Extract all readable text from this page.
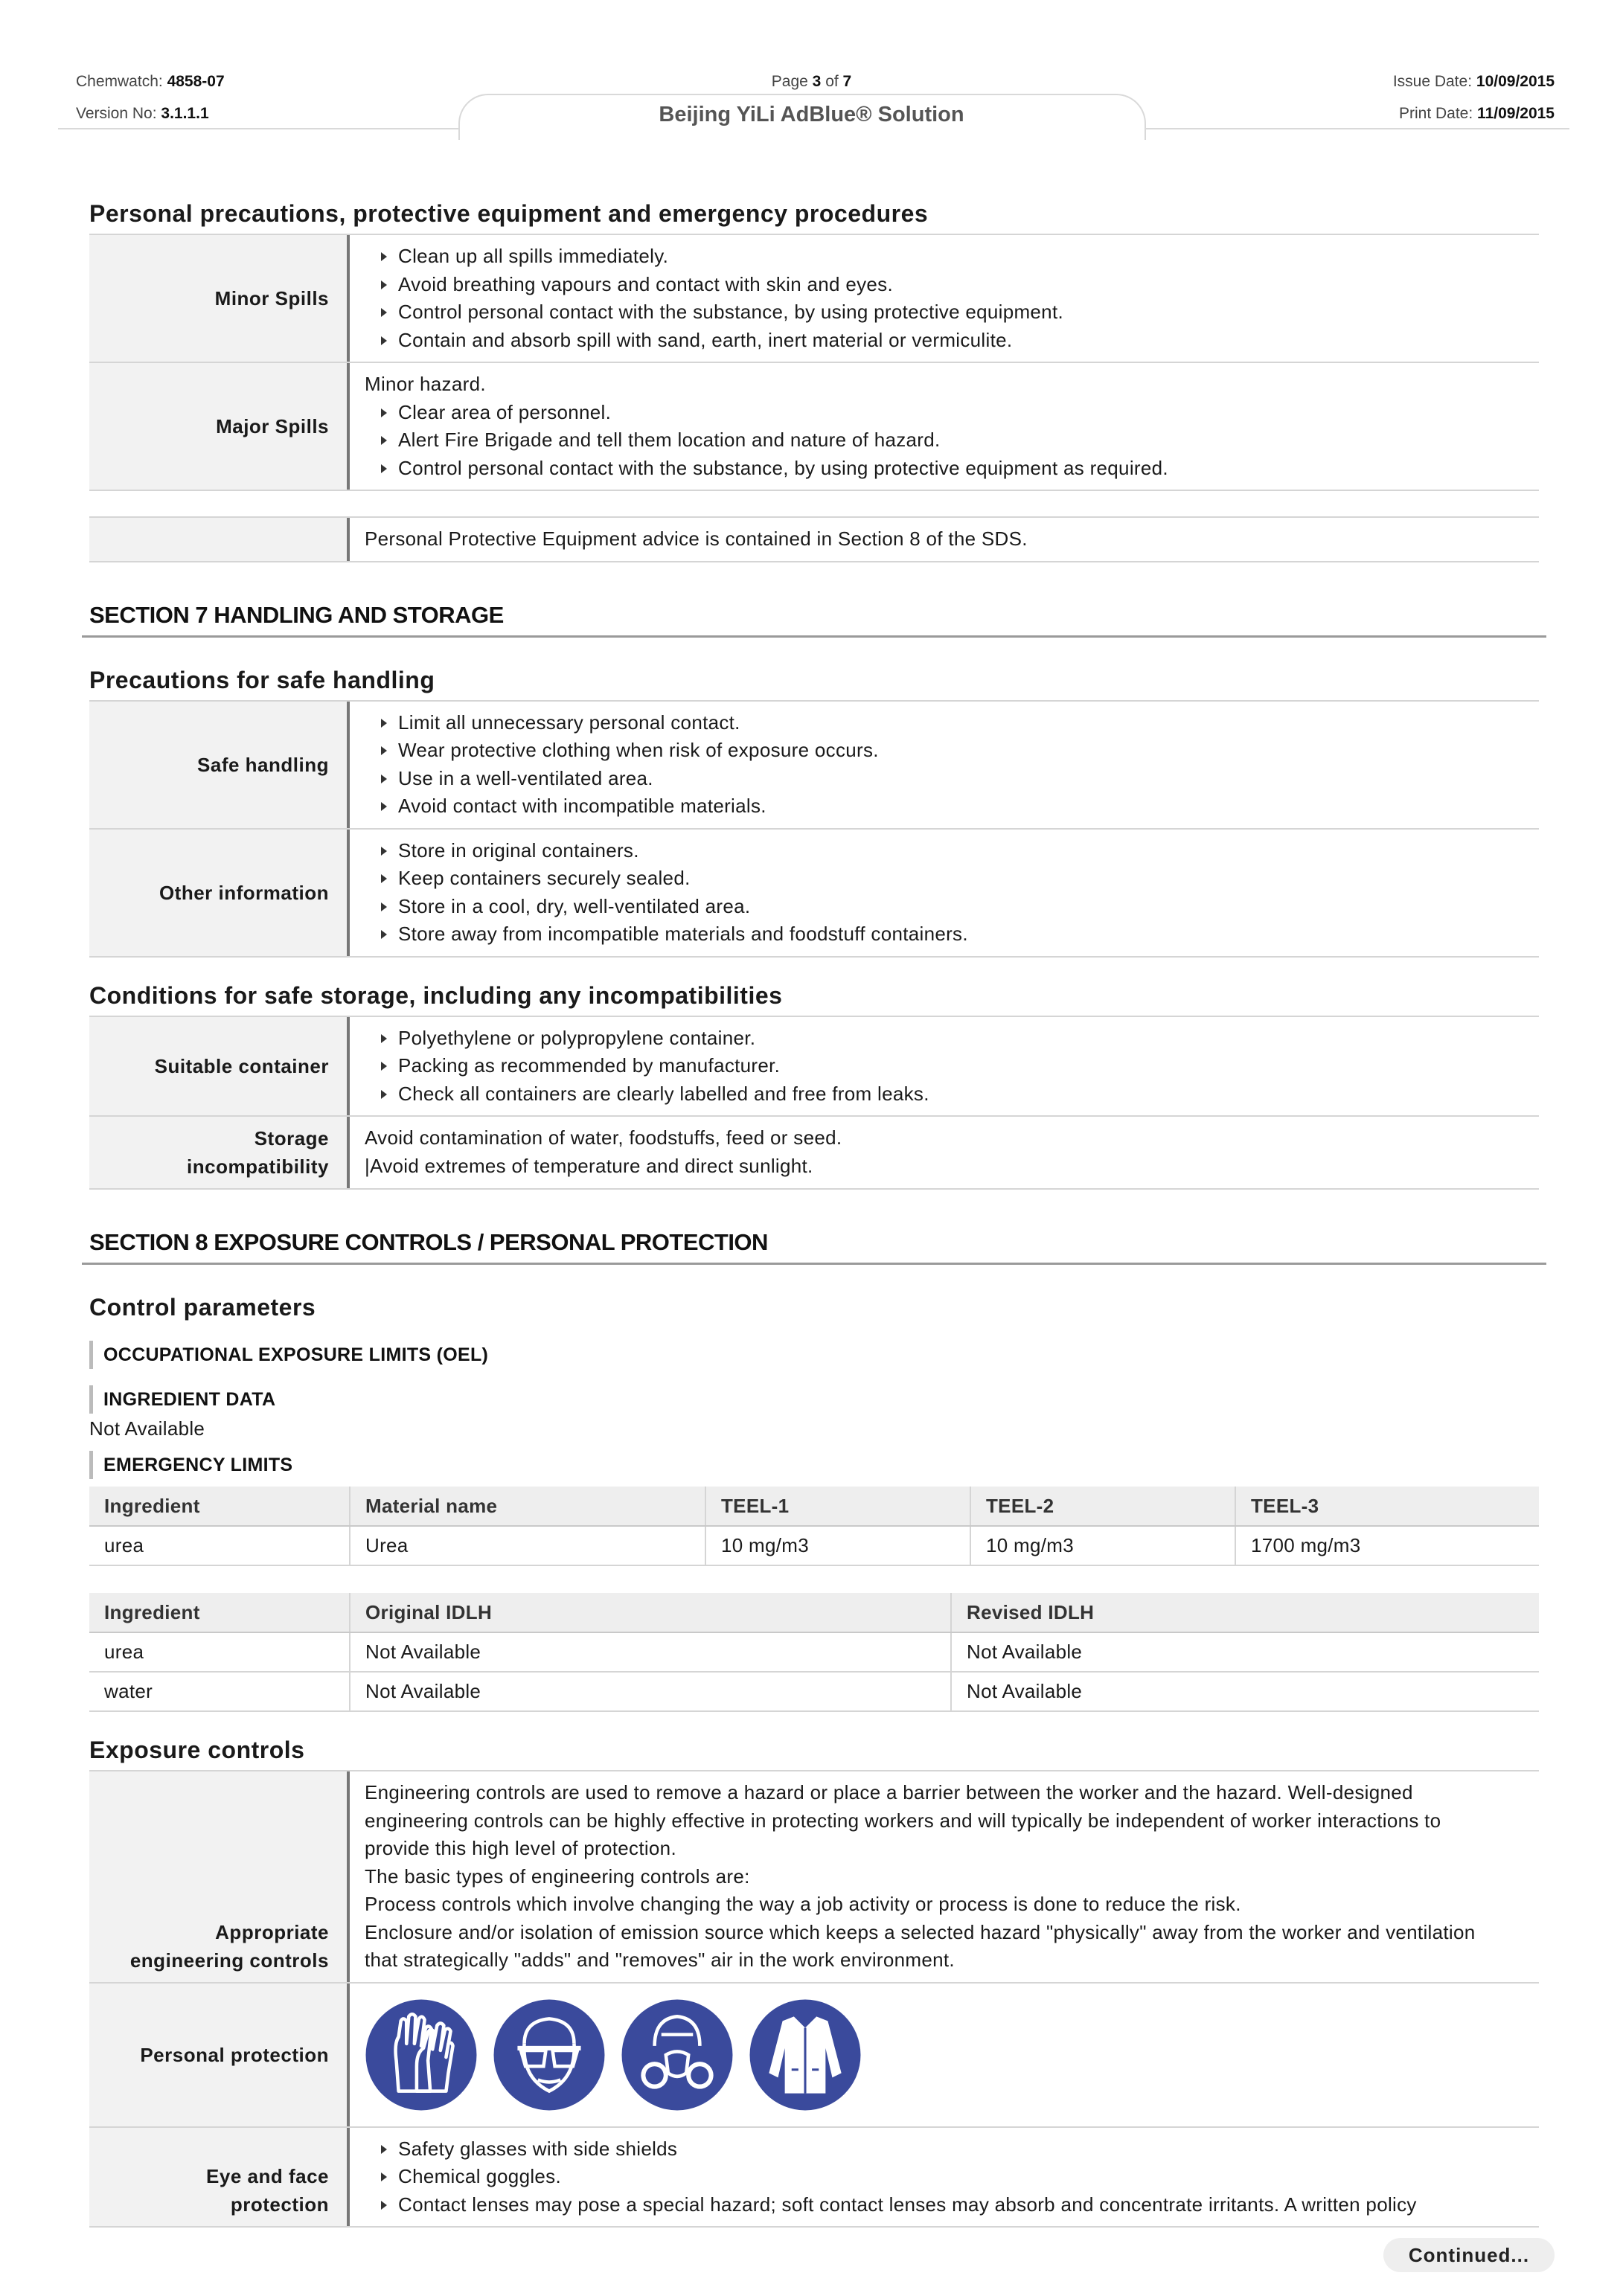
Chemwatch: 4858-07
Version No: 3.1.1.1
Page 3 of 7
Beijing YiLi AdBlue® Solution
Issue Date: 10/09/2015
Print Date: 11/09/2015
Personal precautions, protective equipment and emergency procedures
Minor Spills
Clean up all spills immediately.
Avoid breathing vapours and contact with skin and eyes.
Control personal contact with the substance, by using protective equipment.
Contain and absorb spill with sand, earth, inert material or vermiculite.
Major Spills
Minor hazard.
Clear area of personnel.
Alert Fire Brigade and tell them location and nature of hazard.
Control personal contact with the substance, by using protective equipment as required.
Personal Protective Equipment advice is contained in Section 8 of the SDS.
SECTION 7 HANDLING AND STORAGE
Precautions for safe handling
Safe handling
Limit all unnecessary personal contact.
Wear protective clothing when risk of exposure occurs.
Use in a well-ventilated area.
Avoid contact with incompatible materials.
Other information
Store in original containers.
Keep containers securely sealed.
Store in a cool, dry, well-ventilated area.
Store away from incompatible materials and foodstuff containers.
Conditions for safe storage, including any incompatibilities
Suitable container
Polyethylene or polypropylene container.
Packing as recommended by manufacturer.
Check all containers are clearly labelled and free from leaks.
Storage
incompatibility
Avoid contamination of water, foodstuffs, feed or seed.
|Avoid extremes of temperature and direct sunlight.
SECTION 8 EXPOSURE CONTROLS / PERSONAL PROTECTION
Control parameters
OCCUPATIONAL EXPOSURE LIMITS (OEL)
INGREDIENT DATA
Not Available
EMERGENCY LIMITS
Ingredient	Material name	TEEL-1	TEEL-2	TEEL-3
urea	Urea	10 mg/m3	10 mg/m3	1700 mg/m3
Ingredient	Original IDLH	Revised IDLH
urea	Not Available	Not Available
water	Not Available	Not Available
Exposure controls
Appropriate
engineering controls
Engineering controls are used to remove a hazard or place a barrier between the worker and the hazard. Well-designed engineering controls can be highly effective in protecting workers and will typically be independent of worker interactions to provide this high level of protection.
The basic types of engineering controls are:
Process controls which involve changing the way a job activity or process is done to reduce the risk.
Enclosure and/or isolation of emission source which keeps a selected hazard "physically" away from the worker and ventilation that strategically "adds" and "removes" air in the work environment.
Personal protection
Eye and face
protection
Safety glasses with side shields
Chemical goggles.
Contact lenses may pose a special hazard; soft contact lenses may absorb and concentrate irritants. A written policy
Continued...
